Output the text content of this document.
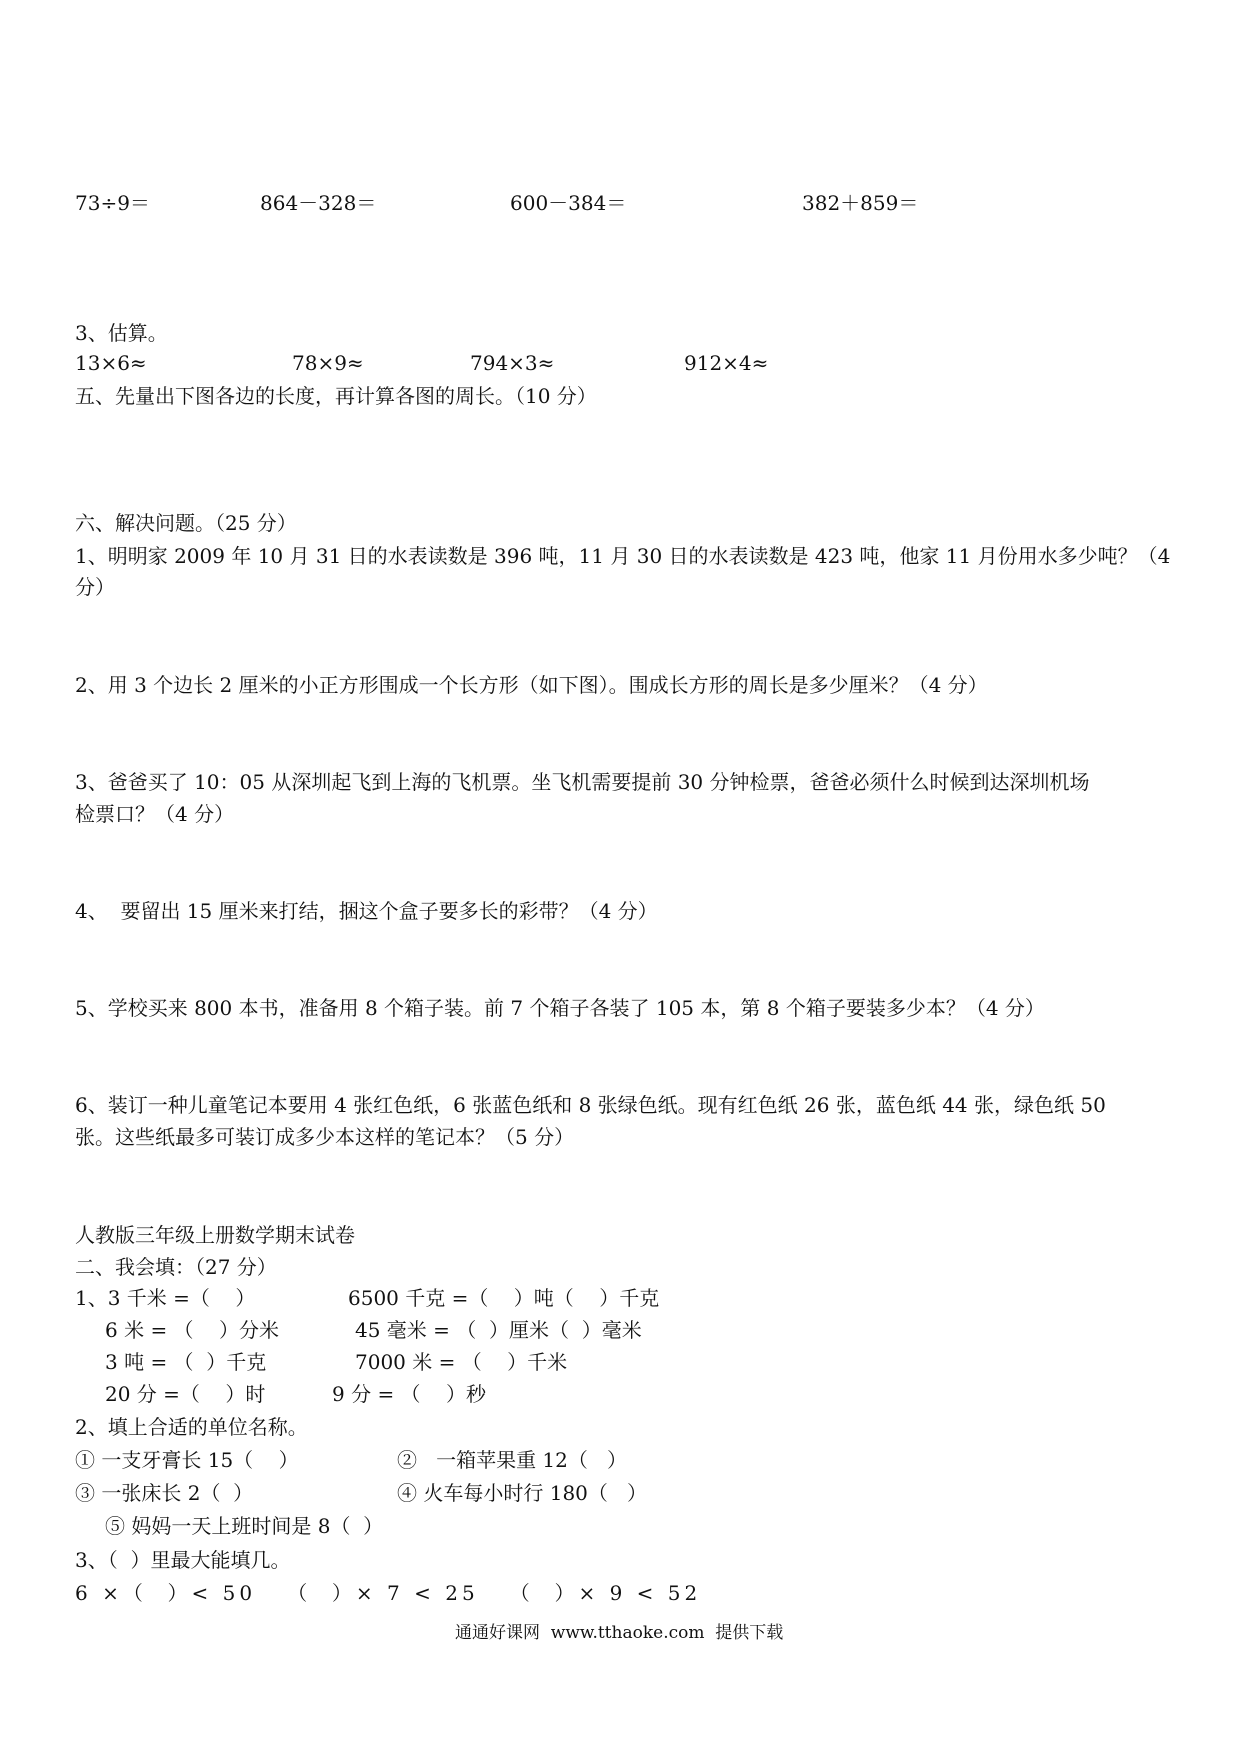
73÷9＝	864－328＝	600－384＝	382＋859＝
3、估算。
13×6≈	78×9≈	794×3≈	912×4≈
五、先量出下图各边的长度，再计算各图的周长。（10 分）
六、解决问题。（25 分）
1、明明家 2009 年 10 月 31 日的水表读数是 396 吨，11 月 30 日的水表读数是 423 吨，他家 11 月份用水多少吨？（4
分）
2、用 3 个边长 2 厘米的小正方形围成一个长方形（如下图）。围成长方形的周长是多少厘米？（4 分）
3、爸爸买了 10：05 从深圳起飞到上海的飞机票。坐飞机需要提前 30 分钟检票，爸爸必须什么时候到达深圳机场
检票口？（4 分）
4、  要留出 15 厘米来打结，捆这个盒子要多长的彩带？（4 分）
5、学校买来 800 本书，准备用 8 个箱子装。前 7 个箱子各装了 105 本，第 8 个箱子要装多少本？（4 分）
6、装订一种儿童笔记本要用 4 张红色纸，6 张蓝色纸和 8 张绿色纸。现有红色纸 26 张，蓝色纸 44 张，绿色纸 50
张。这些纸最多可装订成多少本这样的笔记本？（5 分）
人教版三年级上册数学期末试卷
二、我会填：（27 分）
1、3 千米 =（    ）	6500 千克 =（    ）吨（    ）千克
6 米 = （    ）分米	45 毫米 = （  ）厘米（  ）毫米
3 吨 = （  ）千克	7000 米 = （    ）千米
20 分 =（    ）时	9 分 = （    ）秒
2、填上合适的单位名称。
① 一支牙膏长 15（    ）	②   一箱苹果重 12（   ）
③ 一张床长 2（  ）	④ 火车每小时行 180（   ）
⑤ 妈妈一天上班时间是 8（  ）
3、（  ）里最大能填几。
6 ×（  ）< 50   （  ）× 7 < 25   （  ）× 9 < 52
通通好课网  www.tthaoke.com  提供下载
